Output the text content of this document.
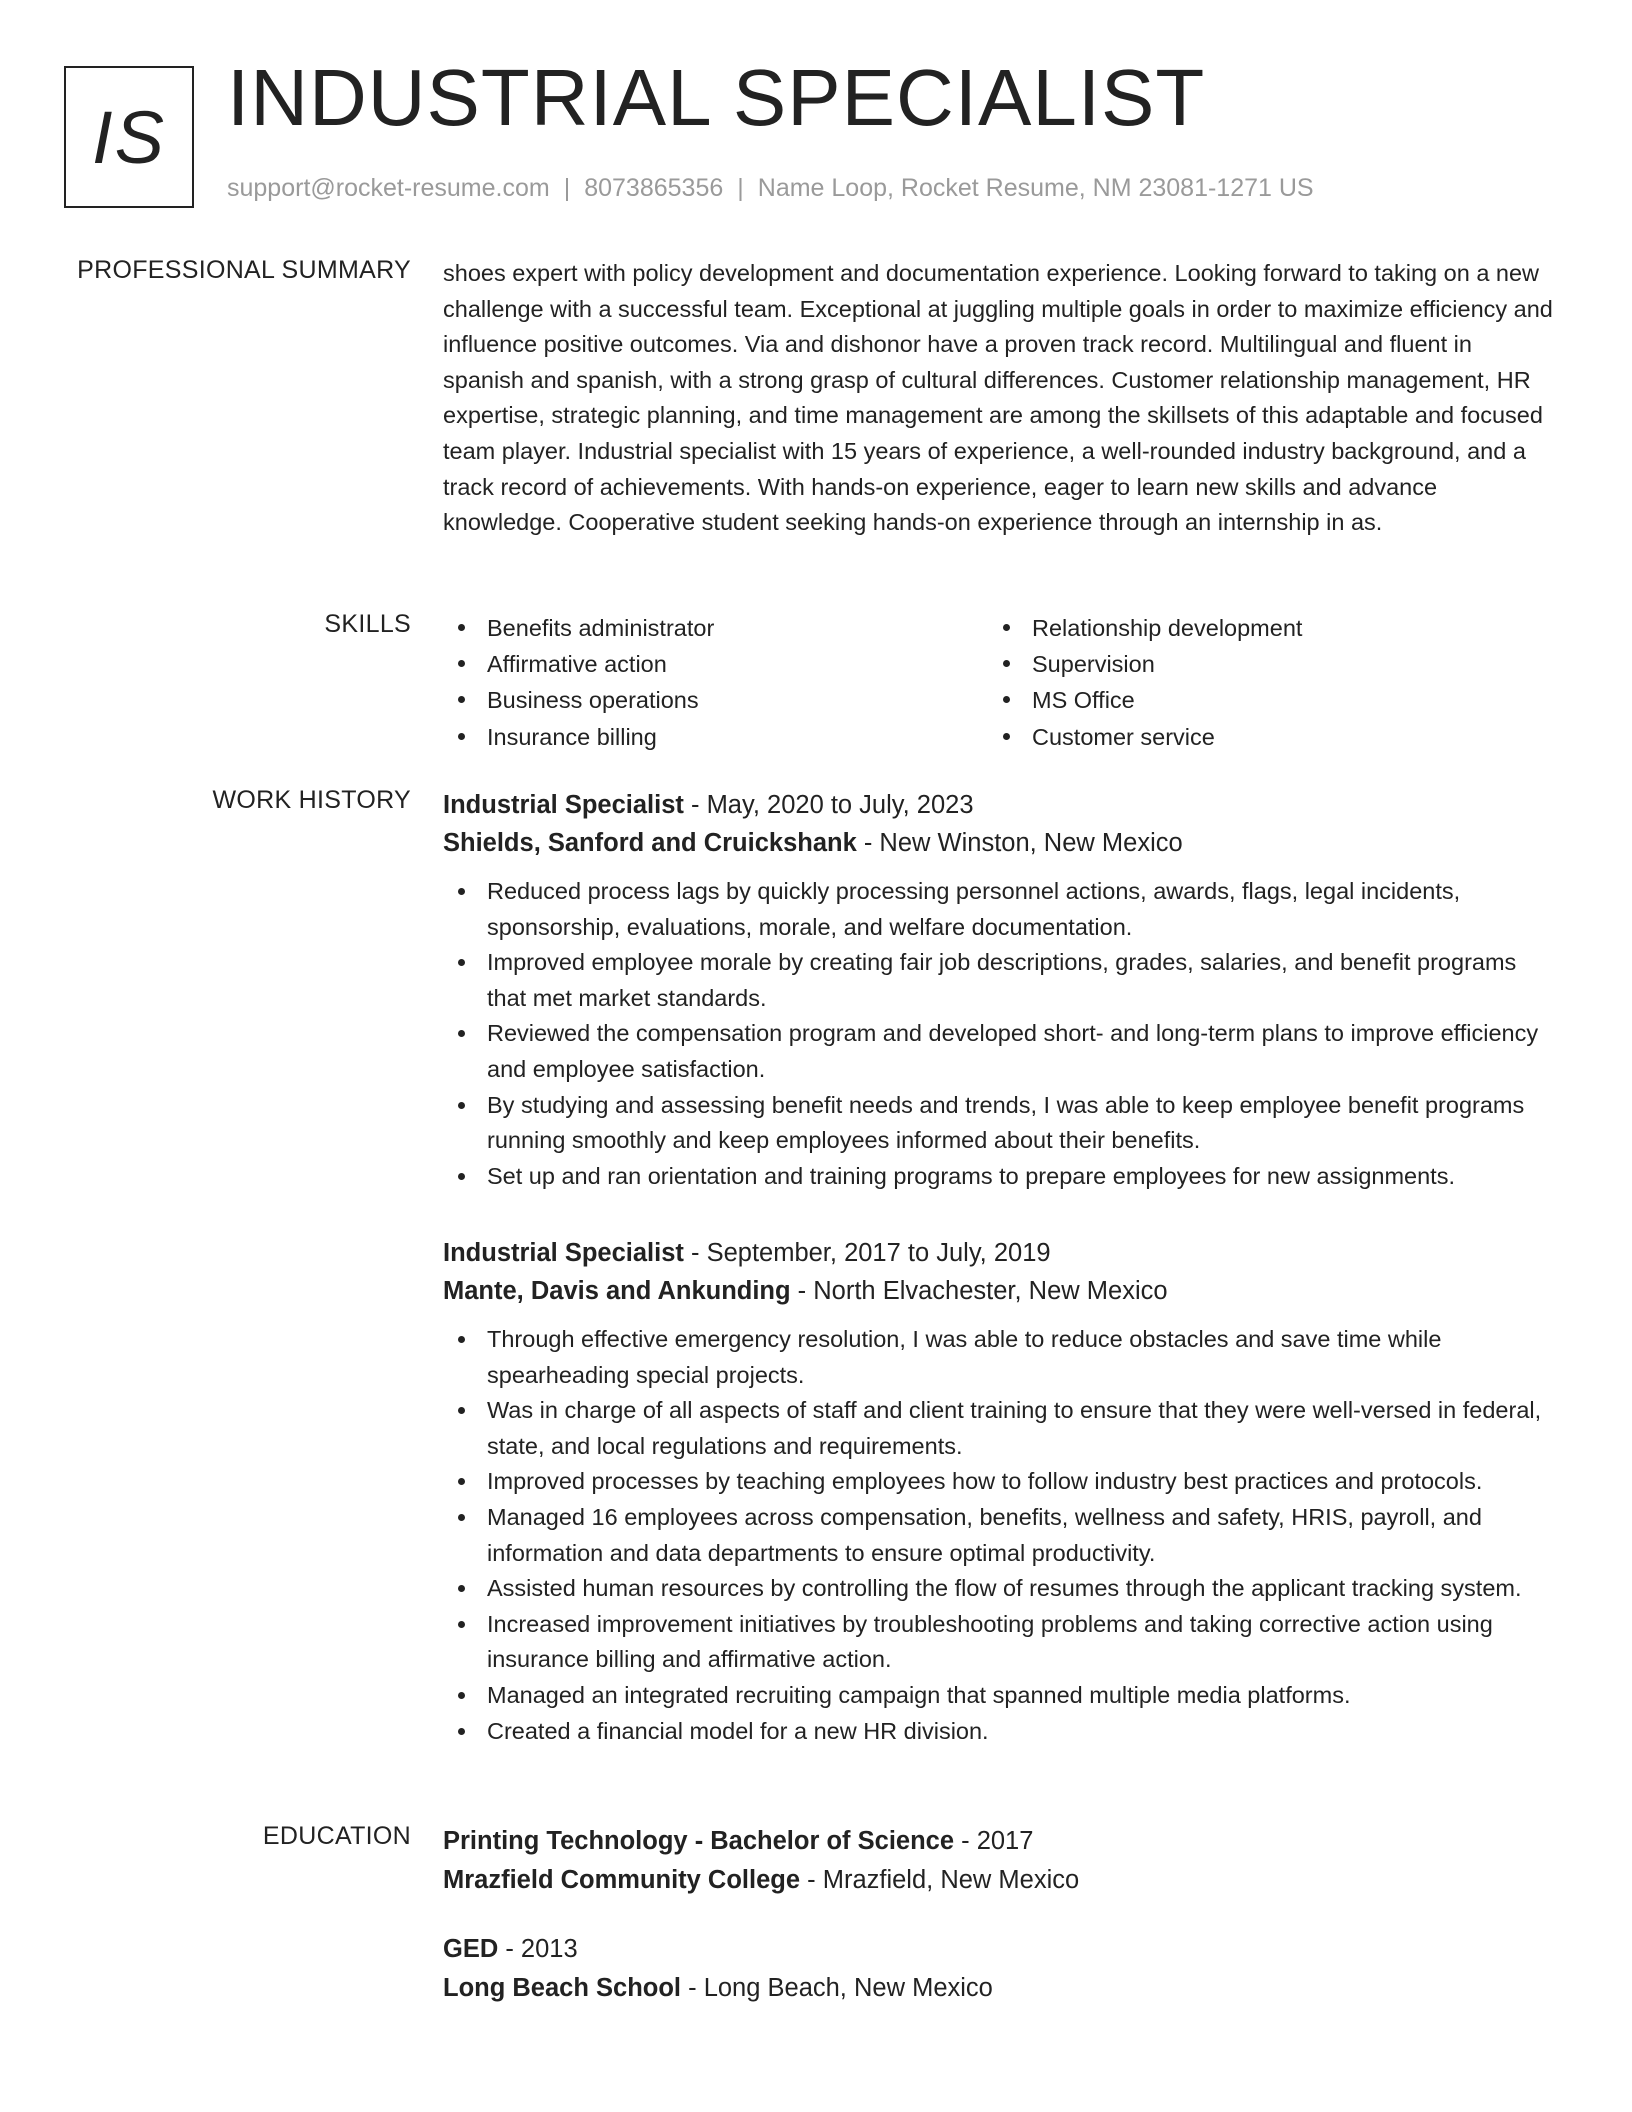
IS INDUSTRIAL SPECIALIST
support@rocket-resume.com | 8073865356 | Name Loop, Rocket Resume, NM 23081-1271 US
PROFESSIONAL SUMMARY shoes expert with policy development and documentation experience. Looking forward to taking on a new challenge with a successful team. Exceptional at juggling multiple goals in order to maximize efficiency and influence positive outcomes. Via and dishonor have a proven track record. Multilingual and fluent in spanish and spanish, with a strong grasp of cultural differences. Customer relationship management, HR expertise, strategic planning, and time management are among the skillsets of this adaptable and focused team player. Industrial specialist with 15 years of experience, a well-rounded industry background, and a track record of achievements. With hands-on experience, eager to learn new skills and advance knowledge. Cooperative student seeking hands-on experience through an internship in as.

SKILLS	Benefits administrator
Affirmative action
Business operations
Insurance billing
Relationship development
Supervision
MS Office
Customer service
WORK HISTORY Industrial Specialist - May, 2020 to July, 2023
Shields, Sanford and Cruickshank - New Winston, New Mexico
Reduced process lags by quickly processing personnel actions, awards, flags, legal incidents, sponsorship, evaluations, morale, and welfare documentation.
Improved employee morale by creating fair job descriptions, grades, salaries, and benefit programs that met market standards.
Reviewed the compensation program and developed short- and long-term plans to improve efficiency and employee satisfaction.
By studying and assessing benefit needs and trends, I was able to keep employee benefit programs running smoothly and keep employees informed about their benefits.
Set up and ran orientation and training programs to prepare employees for new assignments.
Industrial Specialist - September, 2017 to July, 2019
Mante, Davis and Ankunding - North Elvachester, New Mexico
Through effective emergency resolution, I was able to reduce obstacles and save time while spearheading special projects.
Was in charge of all aspects of staff and client training to ensure that they were well-versed in federal, state, and local regulations and requirements.
Improved processes by teaching employees how to follow industry best practices and protocols.
Managed 16 employees across compensation, benefits, wellness and safety, HRIS, payroll, and information and data departments to ensure optimal productivity.
Assisted human resources by controlling the flow of resumes through the applicant tracking system.
Increased improvement initiatives by troubleshooting problems and taking corrective action using insurance billing and affirmative action.
Managed an integrated recruiting campaign that spanned multiple media platforms.
Created a financial model for a new HR division.
EDUCATION Printing Technology - Bachelor of Science - 2017
Mrazfield Community College - Mrazfield, New Mexico
GED - 2013
Long Beach School - Long Beach, New Mexico
